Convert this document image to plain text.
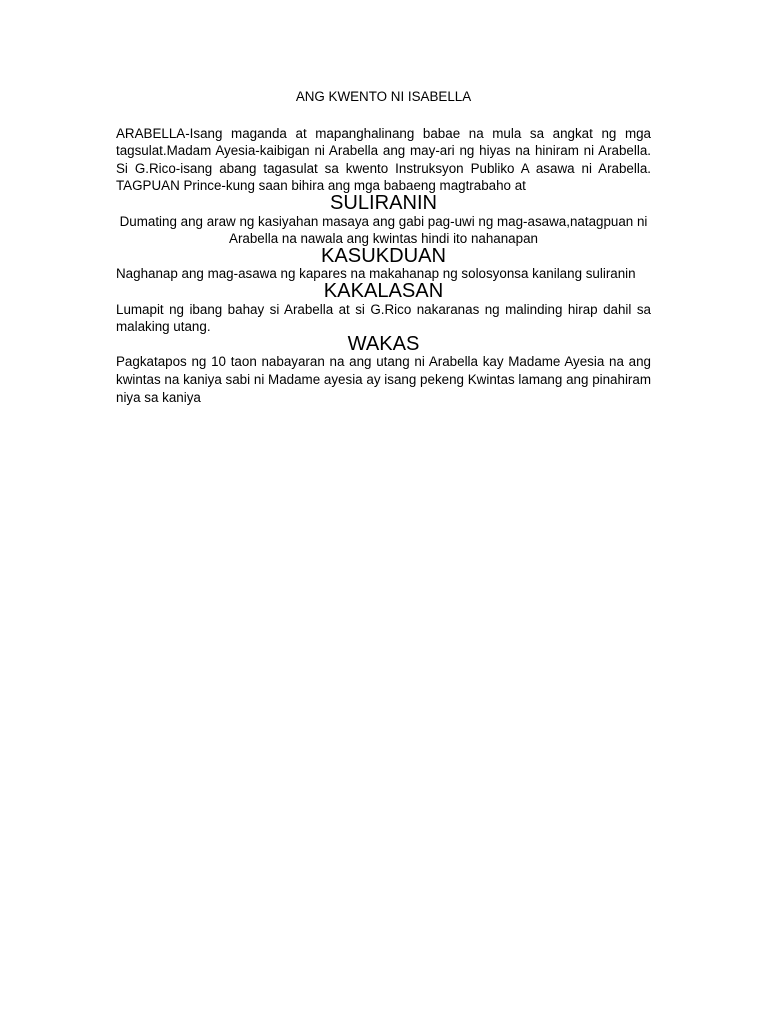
ANG KWENTO NI ISABELLA

ARABELLA-Isang maganda at mapanghalinang babae na mula sa angkat ng mga tagsulat.Madam Ayesia-kaibigan ni Arabella ang may-ari ng hiyas na hiniram ni Arabella. Si G.Rico-isang abang tagasulat sa kwento Instruksyon Publiko A asawa ni Arabella. TAGPUAN Prince-kung saan bihira ang mga babaeng magtrabaho at

SULIRANIN

Dumating ang araw ng kasiyahan masaya ang gabi pag-uwi ng mag-asawa,natagpuan ni Arabella na nawala ang kwintas hindi ito nahanapan

KASUKDUAN

Naghanap ang mag-asawa ng kapares na makahanap ng solosyonsa kanilang suliranin

KAKALASAN

Lumapit ng ibang bahay si Arabella at si G.Rico nakaranas ng malinding hirap dahil sa malaking utang.

WAKAS

Pagkatapos ng 10 taon nabayaran na ang utang ni Arabella kay Madame Ayesia na ang kwintas na kaniya sabi ni Madame ayesia ay isang pekeng Kwintas lamang ang pinahiram niya sa kaniya
